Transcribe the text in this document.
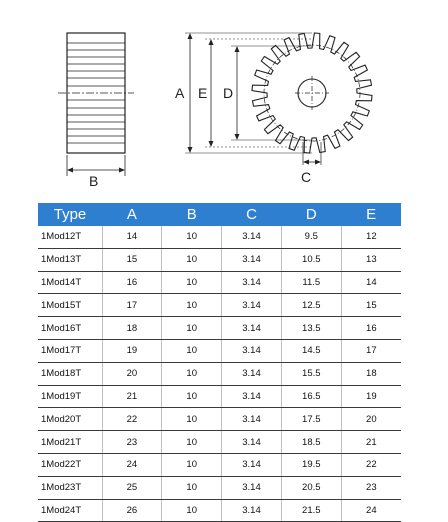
B
A E D
C
Type	A	B	C	D	E
1Mod12T	14	10	3.14	9.5	12
1Mod13T	15	10	3.14	10.5	13
1Mod14T	16	10	3.14	11.5	14
1Mod15T	17	10	3.14	12.5	15
1Mod16T	18	10	3.14	13.5	16
1Mod17T	19	10	3.14	14.5	17
1Mod18T	20	10	3.14	15.5	18
1Mod19T	21	10	3.14	16.5	19
1Mod20T	22	10	3.14	17.5	20
1Mod21T	23	10	3.14	18.5	21
1Mod22T	24	10	3.14	19.5	22
1Mod23T	25	10	3.14	20.5	23
1Mod24T	26	10	3.14	21.5	24
